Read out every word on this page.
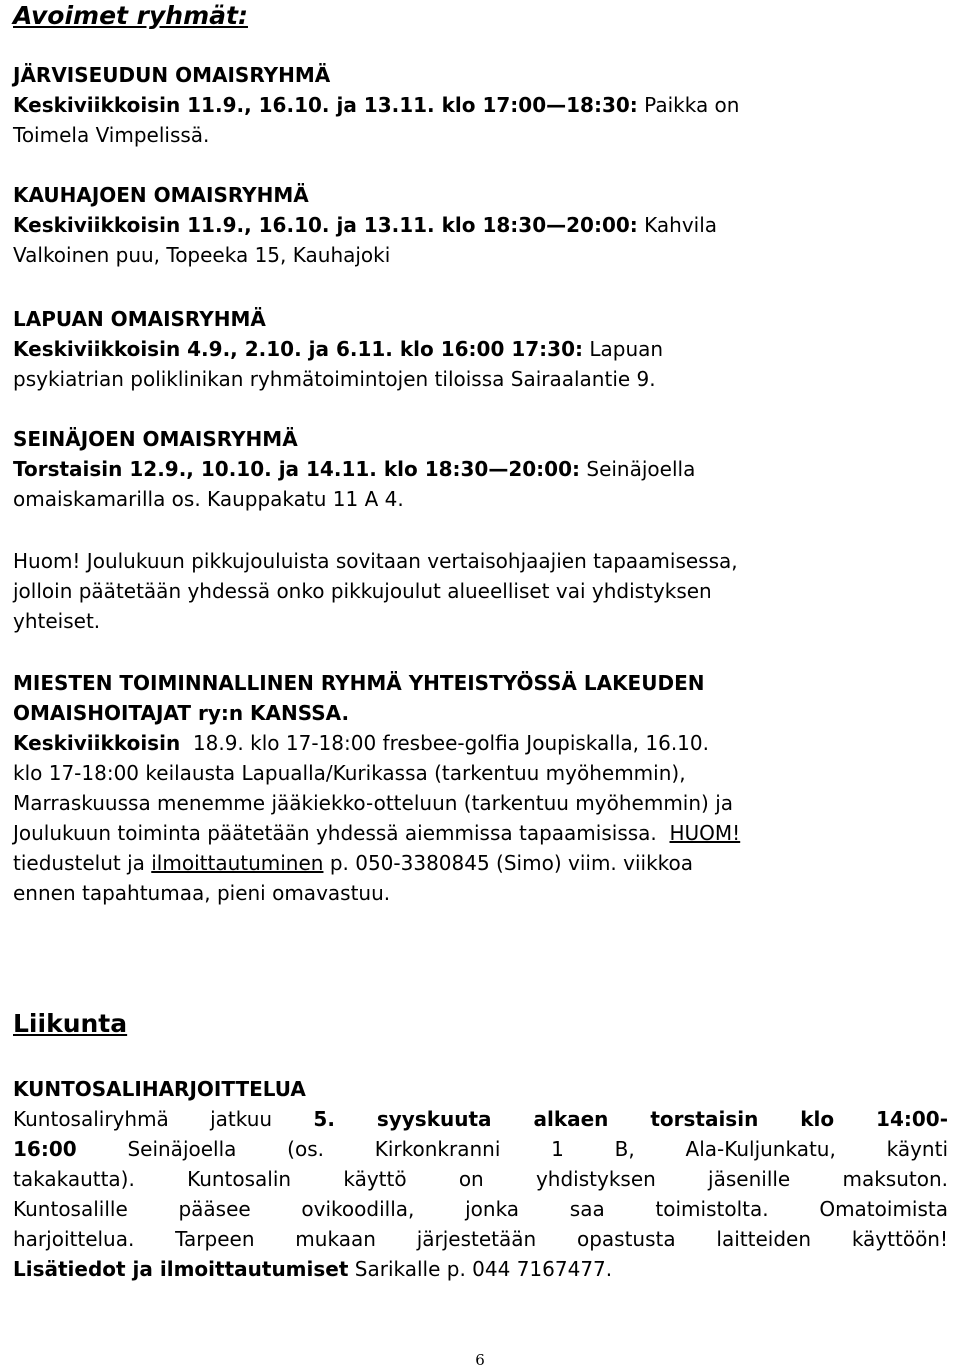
Avoimet ryhmät:
JÄRVISEUDUN OMAISRYHMÄ
Keskiviikkoisin 11.9., 16.10. ja 13.11. klo 17:00—18:30: Paikka on
Toimela Vimpelissä.
KAUHAJOEN OMAISRYHMÄ
Keskiviikkoisin 11.9., 16.10. ja 13.11. klo 18:30—20:00: Kahvila
Valkoinen puu, Topeeka 15, Kauhajoki
LAPUAN OMAISRYHMÄ
Keskiviikkoisin 4.9., 2.10. ja 6.11. klo 16:00 17:30: Lapuan
psykiatrian poliklinikan ryhmätoimintojen tiloissa Sairaalantie 9.
SEINÄJOEN OMAISRYHMÄ
Torstaisin 12.9., 10.10. ja 14.11. klo 18:30—20:00: Seinäjoella
omaiskamarilla os. Kauppakatu 11 A 4.
Huom! Joulukuun pikkujouluista sovitaan vertaisohjaajien tapaamisessa,
jolloin päätetään yhdessä onko pikkujoulut alueelliset vai yhdistyksen
yhteiset.
MIESTEN TOIMINNALLINEN RYHMÄ YHTEISTYÖSSÄ LAKEUDEN
OMAISHOITAJAT ry:n KANSSA.
Keskiviikkoisin  18.9. klo 17-18:00 fresbee-golfia Joupiskalla, 16.10.
klo 17-18:00 keilausta Lapualla/Kurikassa (tarkentuu myöhemmin),
Marraskuussa menemme jääkiekko-otteluun (tarkentuu myöhemmin) ja
Joulukuun toiminta päätetään yhdessä aiemmissa tapaamisissa. HUOM!
tiedustelut ja ilmoittautuminen p. 050-3380845 (Simo) viim. viikkoa
ennen tapahtumaa, pieni omavastuu.
Liikunta
KUNTOSALIHARJOITTELUA
Kuntosaliryhmä jatkuu 5. syyskuuta alkaen torstaisin klo 14:00-
16:00	Seinäjoella (os. Kirkonkranni 1 B, Ala-Kuljunkatu, käynti
takakautta). Kuntosalin käyttö on yhdistyksen jäsenille maksuton.
Kuntosalille pääsee ovikoodilla, jonka saa toimistolta. Omatoimista
harjoittelua. Tarpeen mukaan järjestetään opastusta laitteiden käyttöön!
Lisätiedot ja ilmoittautumiset Sarikalle p. 044 7167477.
6
